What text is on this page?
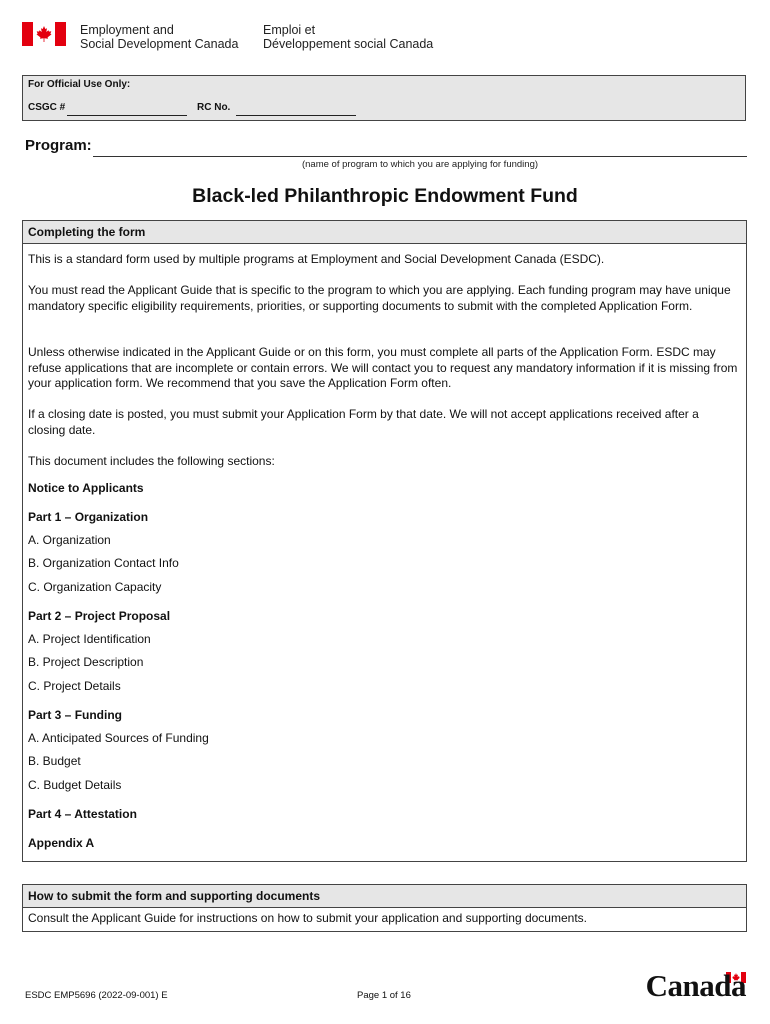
Employment and
Social Development Canada
Emploi et
Développement social Canada
For Official Use Only:
CSGC #	RC No.
Program:
(name of program to which you are applying for funding)
Black-led Philanthropic Endowment Fund
Completing the form

This is a standard form used by multiple programs at Employment and Social Development Canada (ESDC).

You must read the Applicant Guide that is specific to the program to which you are applying. Each funding program may have unique mandatory specific eligibility requirements, priorities, or supporting documents to submit with the completed Application Form.

Unless otherwise indicated in the Applicant Guide or on this form, you must complete all parts of the Application Form. ESDC may refuse applications that are incomplete or contain errors. We will contact you to request any mandatory information if it is missing from your application form. We recommend that you save the Application Form often.

If a closing date is posted, you must submit your Application Form by that date. We will not accept applications received after a closing date.

This document includes the following sections:

Notice to Applicants

Part 1 – Organization

A. Organization

B. Organization Contact Info

C. Organization Capacity

Part 2 – Project Proposal

A. Project Identification

B. Project Description

C. Project Details

Part 3 – Funding

A. Anticipated Sources of Funding

B. Budget

C. Budget Details

Part 4 – Attestation

Appendix A

How to submit the form and supporting documents

Consult the Applicant Guide for instructions on how to submit your application and supporting documents.

ESDC EMP5696 (2022-09-001) E	Page 1 of 16	Canada
